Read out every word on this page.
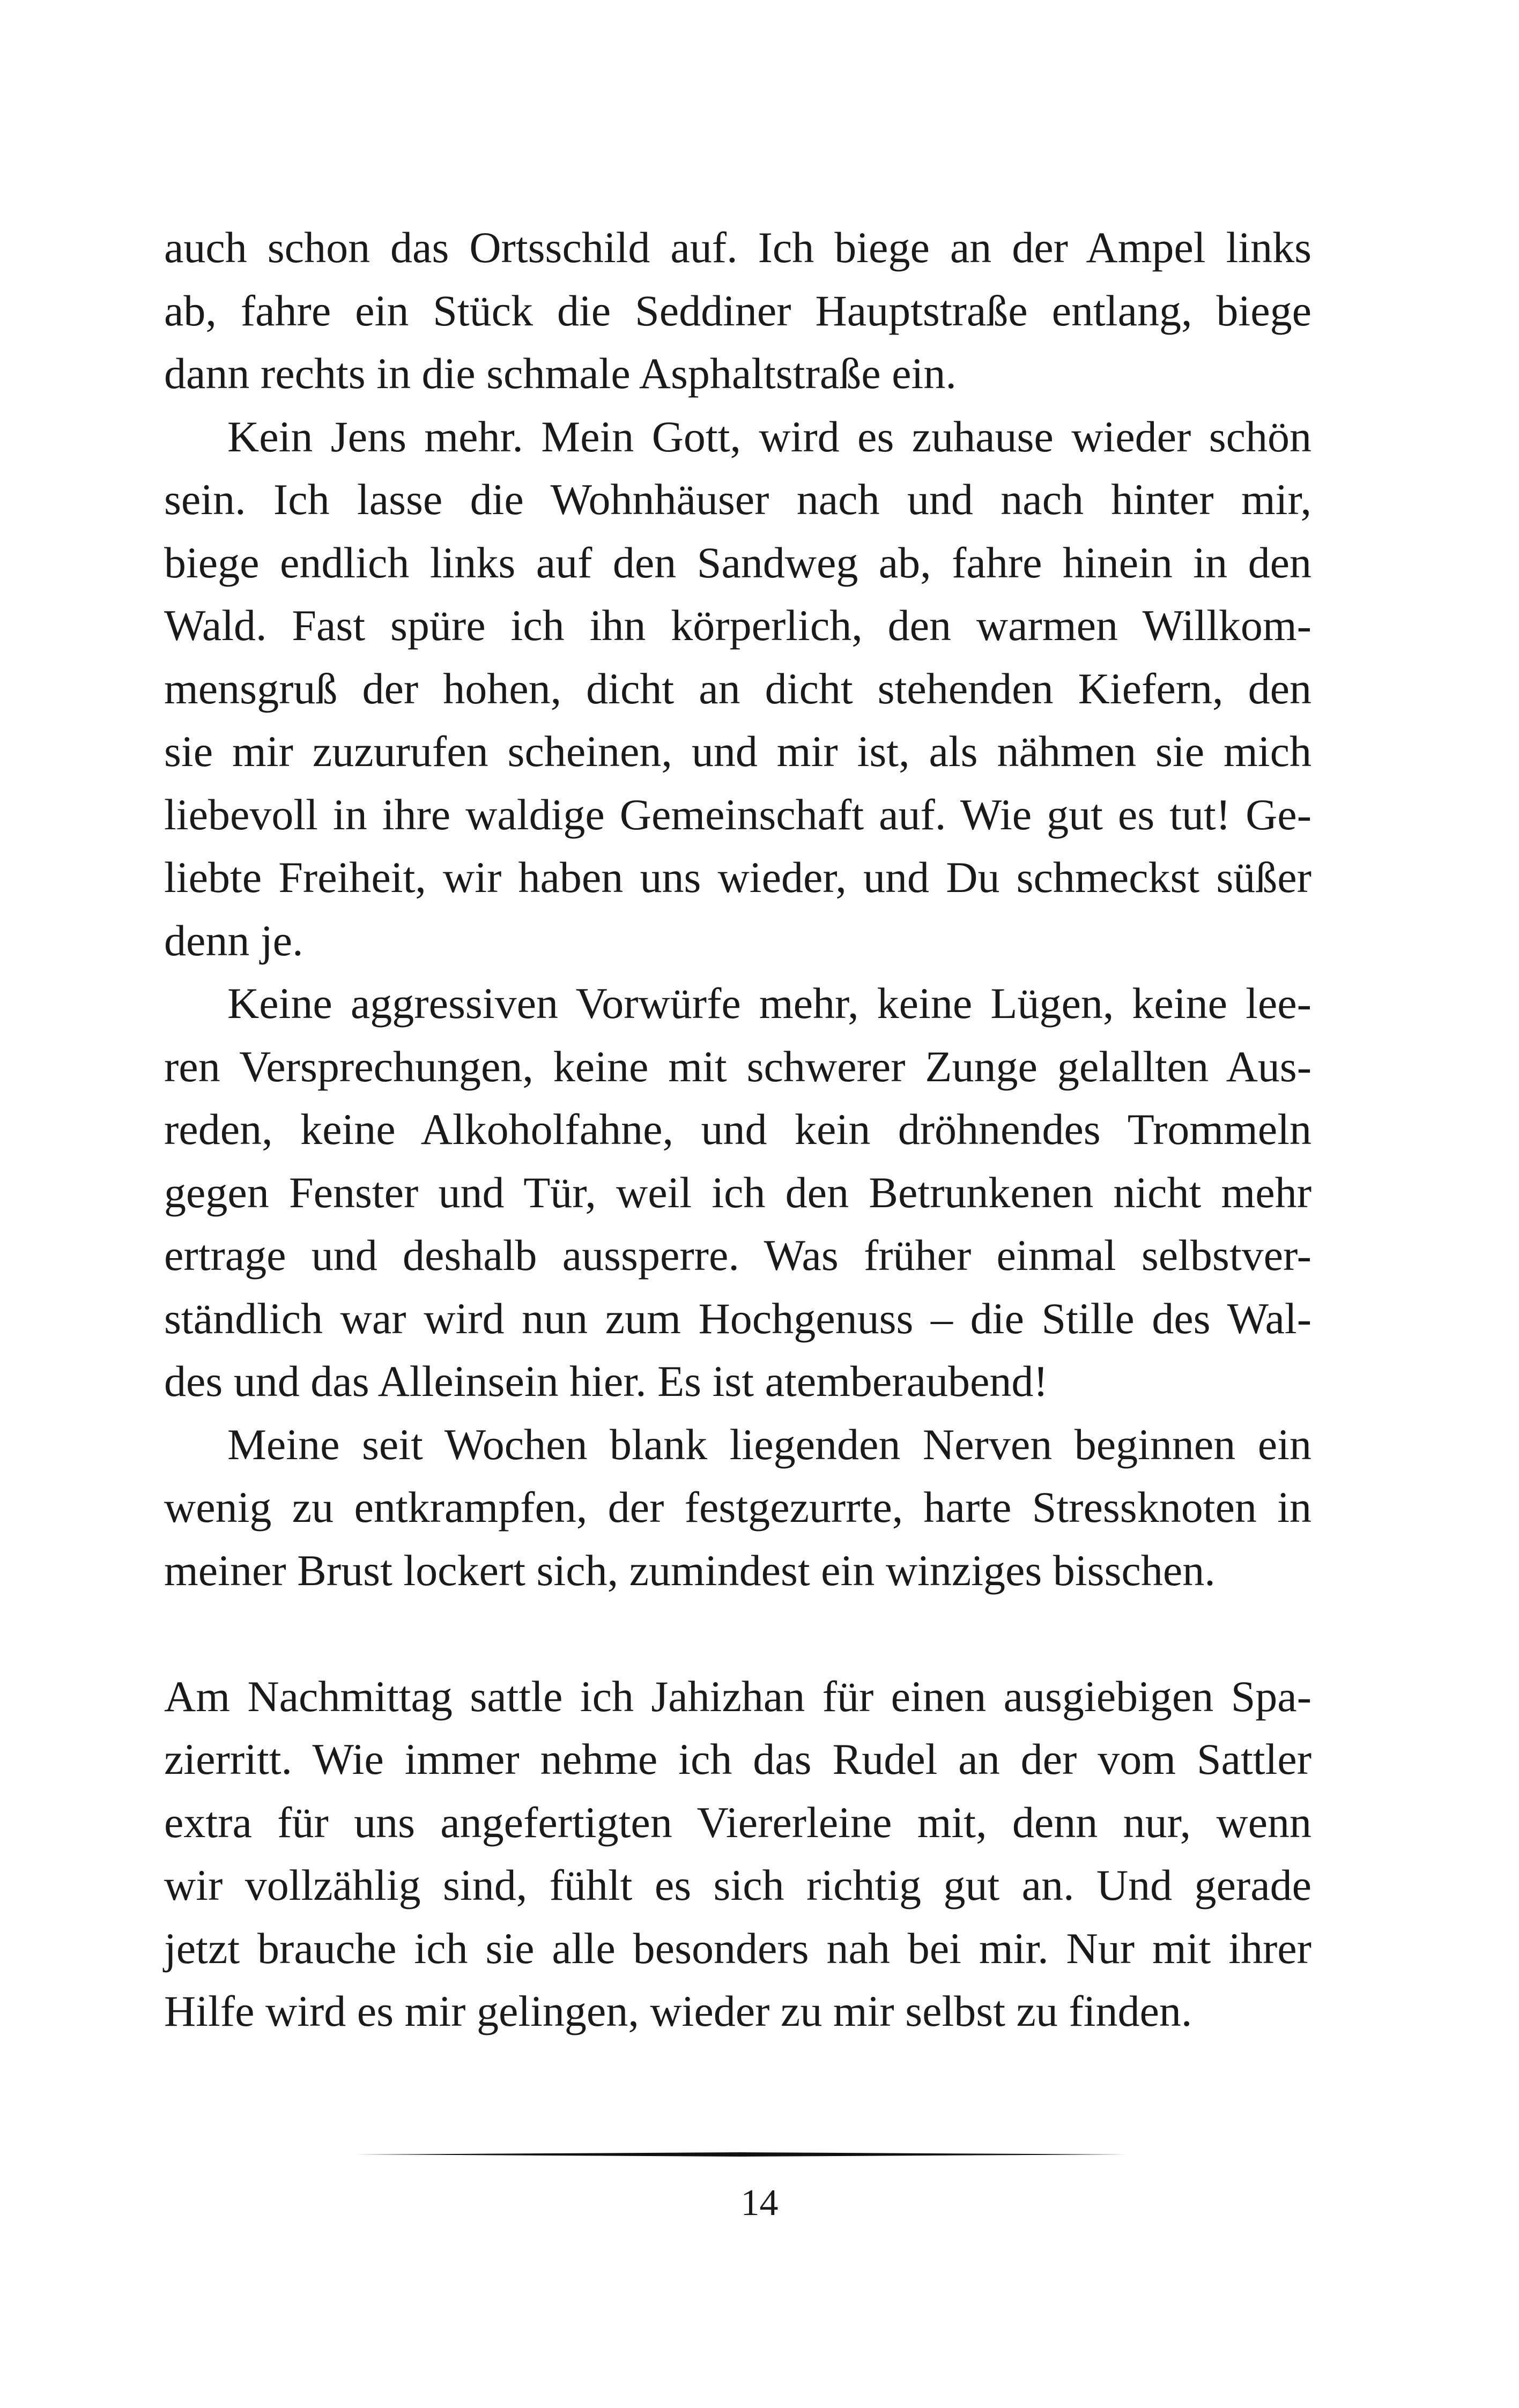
auch schon das Ortsschild auf. Ich biege an der Ampel links
ab, fahre ein Stück die Seddiner Hauptstraße entlang, biege
dann rechts in die schmale Asphaltstraße ein.
Kein Jens mehr. Mein Gott, wird es zuhause wieder schön
sein. Ich lasse die Wohnhäuser nach und nach hinter mir,
biege endlich links auf den Sandweg ab, fahre hinein in den
Wald. Fast spüre ich ihn körperlich, den warmen Willkom-
mensgruß der hohen, dicht an dicht stehenden Kiefern, den
sie mir zuzurufen scheinen, und mir ist, als nähmen sie mich
liebevoll in ihre waldige Gemeinschaft auf. Wie gut es tut! Ge-
liebte Freiheit, wir haben uns wieder, und Du schmeckst süßer
denn je.
Keine aggressiven Vorwürfe mehr, keine Lügen, keine lee-
ren Versprechungen, keine mit schwerer Zunge gelallten Aus-
reden, keine Alkoholfahne, und kein dröhnendes Trommeln
gegen Fenster und Tür, weil ich den Betrunkenen nicht mehr
ertrage und deshalb aussperre. Was früher einmal selbstver-
ständlich war wird nun zum Hochgenuss – die Stille des Wal-
des und das Alleinsein hier. Es ist atemberaubend!
Meine seit Wochen blank liegenden Nerven beginnen ein
wenig zu entkrampfen, der festgezurrte, harte Stressknoten in
meiner Brust lockert sich, zumindest ein winziges bisschen.
Am Nachmittag sattle ich Jahizhan für einen ausgiebigen Spa-
zierritt. Wie immer nehme ich das Rudel an der vom Sattler
extra für uns angefertigten Viererleine mit, denn nur, wenn
wir vollzählig sind, fühlt es sich richtig gut an. Und gerade
jetzt brauche ich sie alle besonders nah bei mir. Nur mit ihrer
Hilfe wird es mir gelingen, wieder zu mir selbst zu finden.
14
